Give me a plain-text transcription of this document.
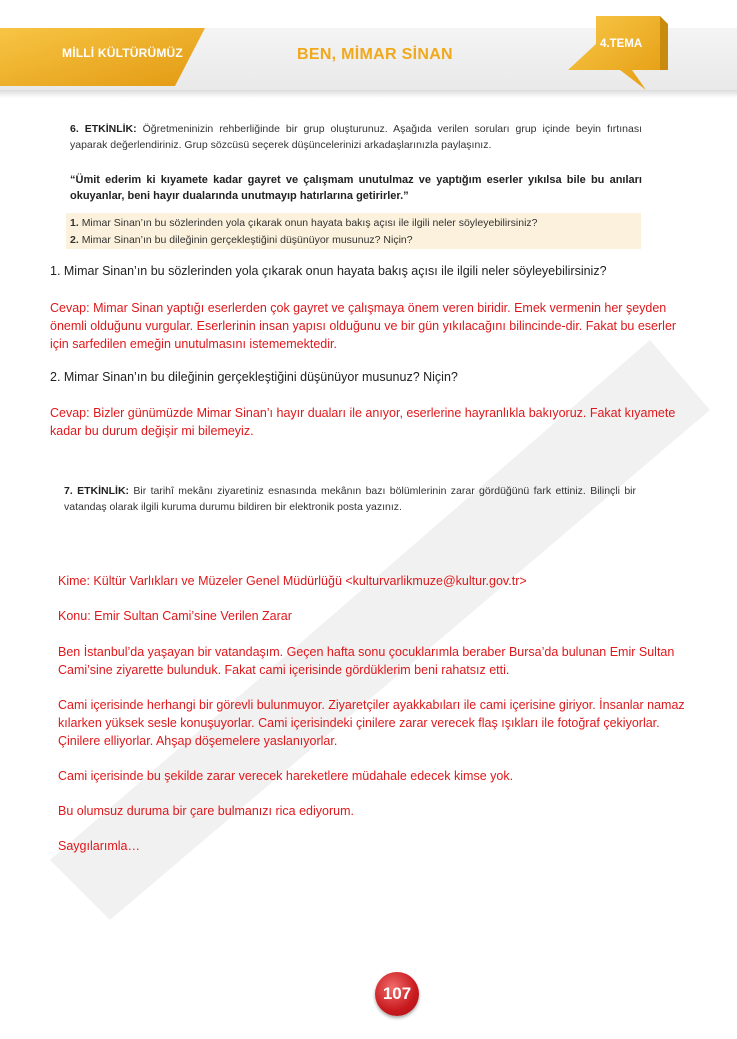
MİLLİ KÜLTÜRÜMÜZ	BEN, MİMAR SİNAN
4.TEMA
6. ETKİNLİK: Öğretmeninizin rehberliğinde bir grup oluşturunuz. Aşağıda verilen soruları grup içinde beyin fırtınası yaparak değerlendiriniz. Grup sözcüsü seçerek düşüncelerinizi arkadaşlarınızla paylaşınız.
“Ümit ederim ki kıyamete kadar gayret ve çalışmam unutulmaz ve yaptığım eserler yıkılsa bile bu anıları okuyanlar, beni hayır dualarında unutmayıp hatırlarına getirirler.”
1. Mimar Sinan’ın bu sözlerinden yola çıkarak onun hayata bakış açısı ile ilgili neler söyleyebilirsiniz?
2. Mimar Sinan’ın bu dileğinin gerçekleştiğini düşünüyor musunuz? Niçin?
1. Mimar Sinan’ın bu sözlerinden yola çıkarak onun hayata bakış açısı ile ilgili neler söyleyebilirsiniz?
Cevap: Mimar Sinan yaptığı eserlerden çok gayret ve çalışmaya önem veren biridir. Emek vermenin her şeyden önemli olduğunu vurgular. Eserlerinin insan yapısı olduğunu ve bir gün yıkılacağını bilincinde-dir. Fakat bu eserler için sarfedilen emeğin unutulmasını istememektedir.
2. Mimar Sinan’ın bu dileğinin gerçekleştiğini düşünüyor musunuz? Niçin?
Cevap: Bizler günümüzde Mimar Sinan’ı hayır duaları ile anıyor, eserlerine hayranlıkla bakıyoruz. Fakat kıyamete kadar bu durum değişir mi bilemeyiz.
7. ETKİNLİK: Bir tarihî mekânı ziyaretiniz esnasında mekânın bazı bölümlerinin zarar gördüğünü fark ettiniz. Bilinçli bir vatandaş olarak ilgili kuruma durumu bildiren bir elektronik posta yazınız.
Kime: Kültür Varlıkları ve Müzeler Genel Müdürlüğü <kulturvarlikmuze@kultur.gov.tr>
Konu: Emir Sultan Cami’sine Verilen Zarar
Ben İstanbul’da yaşayan bir vatandaşım. Geçen hafta sonu çocuklarımla beraber Bursa’da bulunan Emir Sultan Cami’sine ziyarette bulunduk. Fakat cami içerisinde gördüklerim beni rahatsız etti.
Cami içerisinde herhangi bir görevli bulunmuyor. Ziyaretçiler ayakkabıları ile cami içerisine giriyor. İnsanlar namaz kılarken yüksek sesle konuşuyorlar. Cami içerisindeki çinilere zarar verecek flaş ışıkları ile fotoğraf çekiyorlar. Çinilere elliyorlar. Ahşap döşemelere yaslanıyorlar.
Cami içerisinde bu şekilde zarar verecek hareketlere müdahale edecek kimse yok.
Bu olumsuz duruma bir çare bulmanızı rica ediyorum.
Saygılarımla…
107
